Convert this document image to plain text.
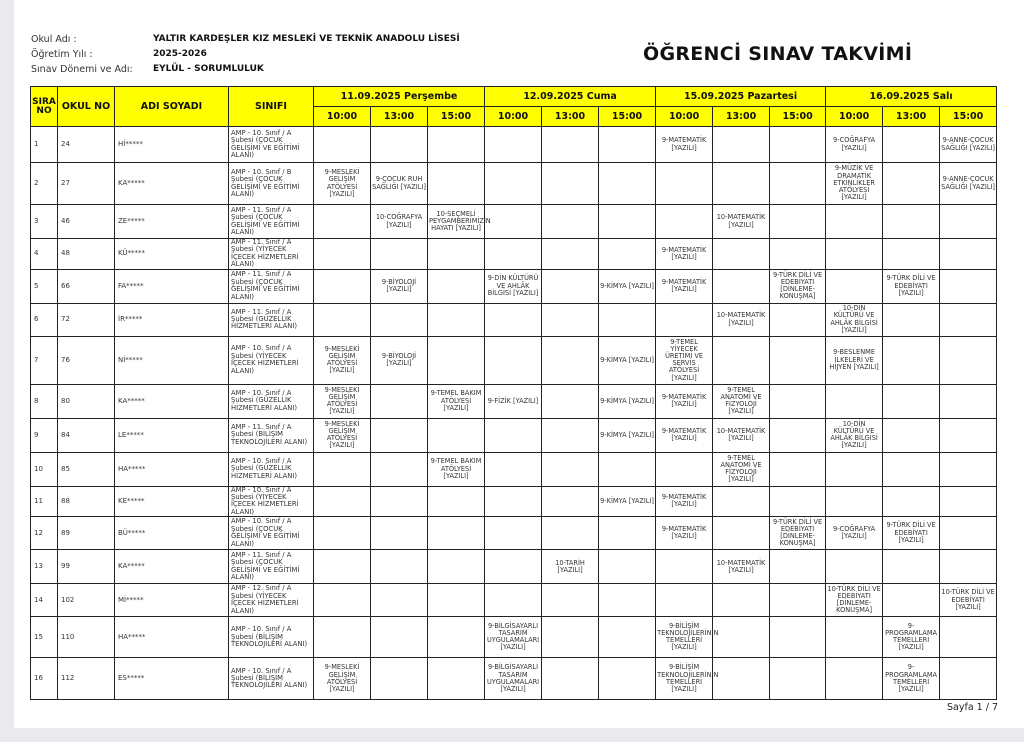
Okul Adı :	YALTIR KARDEŞLER KIZ MESLEKİ VE TEKNİK ANADOLU LİSESİ
Öğretim Yılı :	2025-2026
Sınav Dönemi ve Adı:	EYLÜL - SORUMLULUK
ÖĞRENCİ SINAV TAKVİMİ
SIRA NO	OKUL NO	ADI SOYADI	SINIFI	11.09.2025 Perşembe			12.09.2025 Cuma			15.09.2025 Pazartesi			16.09.2025 Salı		
				10:00	13:00	15:00	10:00	13:00	15:00	10:00	13:00	15:00	10:00	13:00	15:00
1	24	Hİ*****	AMP - 10. Sınıf / A Şubesi (ÇOCUK GELİŞİMİ VE EĞİTİMİ ALANI)							9-MATEMATİK [YAZILI]			9-COĞRAFYA [YAZILI]		9-ANNE-ÇOCUK SAĞLIĞI [YAZILI]
2	27	KA*****	AMP - 10. Sınıf / B Şubesi (ÇOCUK GELİŞİMİ VE EĞİTİMİ ALANI)	9-MESLEKİ GELİŞİM ATÖLYESİ [YAZILI]	9-ÇOCUK RUH SAĞLIĞI [YAZILI]								9-MÜZİK VE DRAMATİK ETKİNLİKLER ATÖLYESİ [YAZILI]		9-ANNE-ÇOCUK SAĞLIĞI [YAZILI]
3	46	ZE*****	AMP - 11. Sınıf / A Şubesi (ÇOCUK GELİŞİMİ VE EĞİTİMİ ALANI)		10-COĞRAFYA [YAZILI]	10-SEÇMELİ PEYGAMBERİMİZİN HAYATI [YAZILI]					10-MATEMATİK [YAZILI]				
4	48	KÜ*****	AMP - 11. Sınıf / A Şubesi (YİYECEK İÇECEK HİZMETLERİ ALANI)							9-MATEMATİK [YAZILI]					
5	66	FA*****	AMP - 11. Sınıf / A Şubesi (ÇOCUK GELİŞİMİ VE EĞİTİMİ ALANI)		9-BİYOLOJİ [YAZILI]		9-DİN KÜLTÜRÜ VE AHLÂK BİLGİSİ [YAZILI]		9-KİMYA [YAZILI]	9-MATEMATİK [YAZILI]		9-TÜRK DİLİ VE EDEBİYATI [DİNLEME-KONUŞMA]		9-TÜRK DİLİ VE EDEBİYATI [YAZILI]	
6	72	İR*****	AMP - 11. Sınıf / A Şubesi (GÜZELLİK HİZMETLERİ ALANI)								10-MATEMATİK [YAZILI]		10-DİN KÜLTÜRÜ VE AHLÂK BİLGİSİ [YAZILI]		
7	76	Nİ*****	AMP - 10. Sınıf / A Şubesi (YİYECEK İÇECEK HİZMETLERİ ALANI)	9-MESLEKİ GELİŞİM ATÖLYESİ [YAZILI]	9-BİYOLOJİ [YAZILI]				9-KİMYA [YAZILI]	9-TEMEL YİYECEK ÜRETİMİ VE SERVİS ATÖLYESİ [YAZILI]			9-BESLENME İLKELERİ VE HİJYEN [YAZILI]		
8	80	KA*****	AMP - 10. Sınıf / A Şubesi (GÜZELLİK HİZMETLERİ ALANI)	9-MESLEKİ GELİŞİM ATÖLYESİ [YAZILI]		9-TEMEL BAKIM ATÖLYESİ [YAZILI]	9-FİZİK [YAZILI]		9-KİMYA [YAZILI]	9-MATEMATİK [YAZILI]	9-TEMEL ANATOMİ VE FİZYOLOJİ [YAZILI]				
9	84	LE*****	AMP - 11. Sınıf / A Şubesi (BİLİŞİM TEKNOLOJİLERİ ALANI)	9-MESLEKİ GELİŞİM ATÖLYESİ [YAZILI]					9-KİMYA [YAZILI]	9-MATEMATİK [YAZILI]	10-MATEMATİK [YAZILI]		10-DİN KÜLTÜRÜ VE AHLÂK BİLGİSİ [YAZILI]		
10	85	HA*****	AMP - 10. Sınıf / A Şubesi (GÜZELLİK HİZMETLERİ ALANI)			9-TEMEL BAKIM ATÖLYESİ [YAZILI]					9-TEMEL ANATOMİ VE FİZYOLOJİ [YAZILI]				
11	88	KE*****	AMP - 10. Sınıf / A Şubesi (YİYECEK İÇECEK HİZMETLERİ ALANI)						9-KİMYA [YAZILI]	9-MATEMATİK [YAZILI]					
12	89	BÜ*****	AMP - 10. Sınıf / A Şubesi (ÇOCUK GELİŞİMİ VE EĞİTİMİ ALANI)							9-MATEMATİK [YAZILI]		9-TÜRK DİLİ VE EDEBİYATI [DİNLEME-KONUŞMA]	9-COĞRAFYA [YAZILI]	9-TÜRK DİLİ VE EDEBİYATI [YAZILI]	
13	99	KA*****	AMP - 11. Sınıf / A Şubesi (ÇOCUK GELİŞİMİ VE EĞİTİMİ ALANI)					10-TARİH [YAZILI]			10-MATEMATİK [YAZILI]				
14	102	Mİ*****	AMP - 12. Sınıf / A Şubesi (YİYECEK İÇECEK HİZMETLERİ ALANI)										10-TÜRK DİLİ VE EDEBİYATI [DİNLEME-KONUŞMA]		10-TÜRK DİLİ VE EDEBİYATI [YAZILI]
15	110	HA*****	AMP - 10. Sınıf / A Şubesi (BİLİŞİM TEKNOLOJİLERİ ALANI)				9-BİLGİSAYARLI TASARIM UYGULAMALARI [YAZILI]			9-BİLİŞİM TEKNOLOJİLERİNİN TEMELLERİ [YAZILI]				9-PROGRAMLAMA TEMELLERİ [YAZILI]	
16	112	ES*****	AMP - 10. Sınıf / A Şubesi (BİLİŞİM TEKNOLOJİLERİ ALANI)	9-MESLEKİ GELİŞİM ATÖLYESİ [YAZILI]			9-BİLGİSAYARLI TASARIM UYGULAMALARI [YAZILI]			9-BİLİŞİM TEKNOLOJİLERİNİN TEMELLERİ [YAZILI]				9-PROGRAMLAMA TEMELLERİ [YAZILI]	
Sayfa 1 / 7
